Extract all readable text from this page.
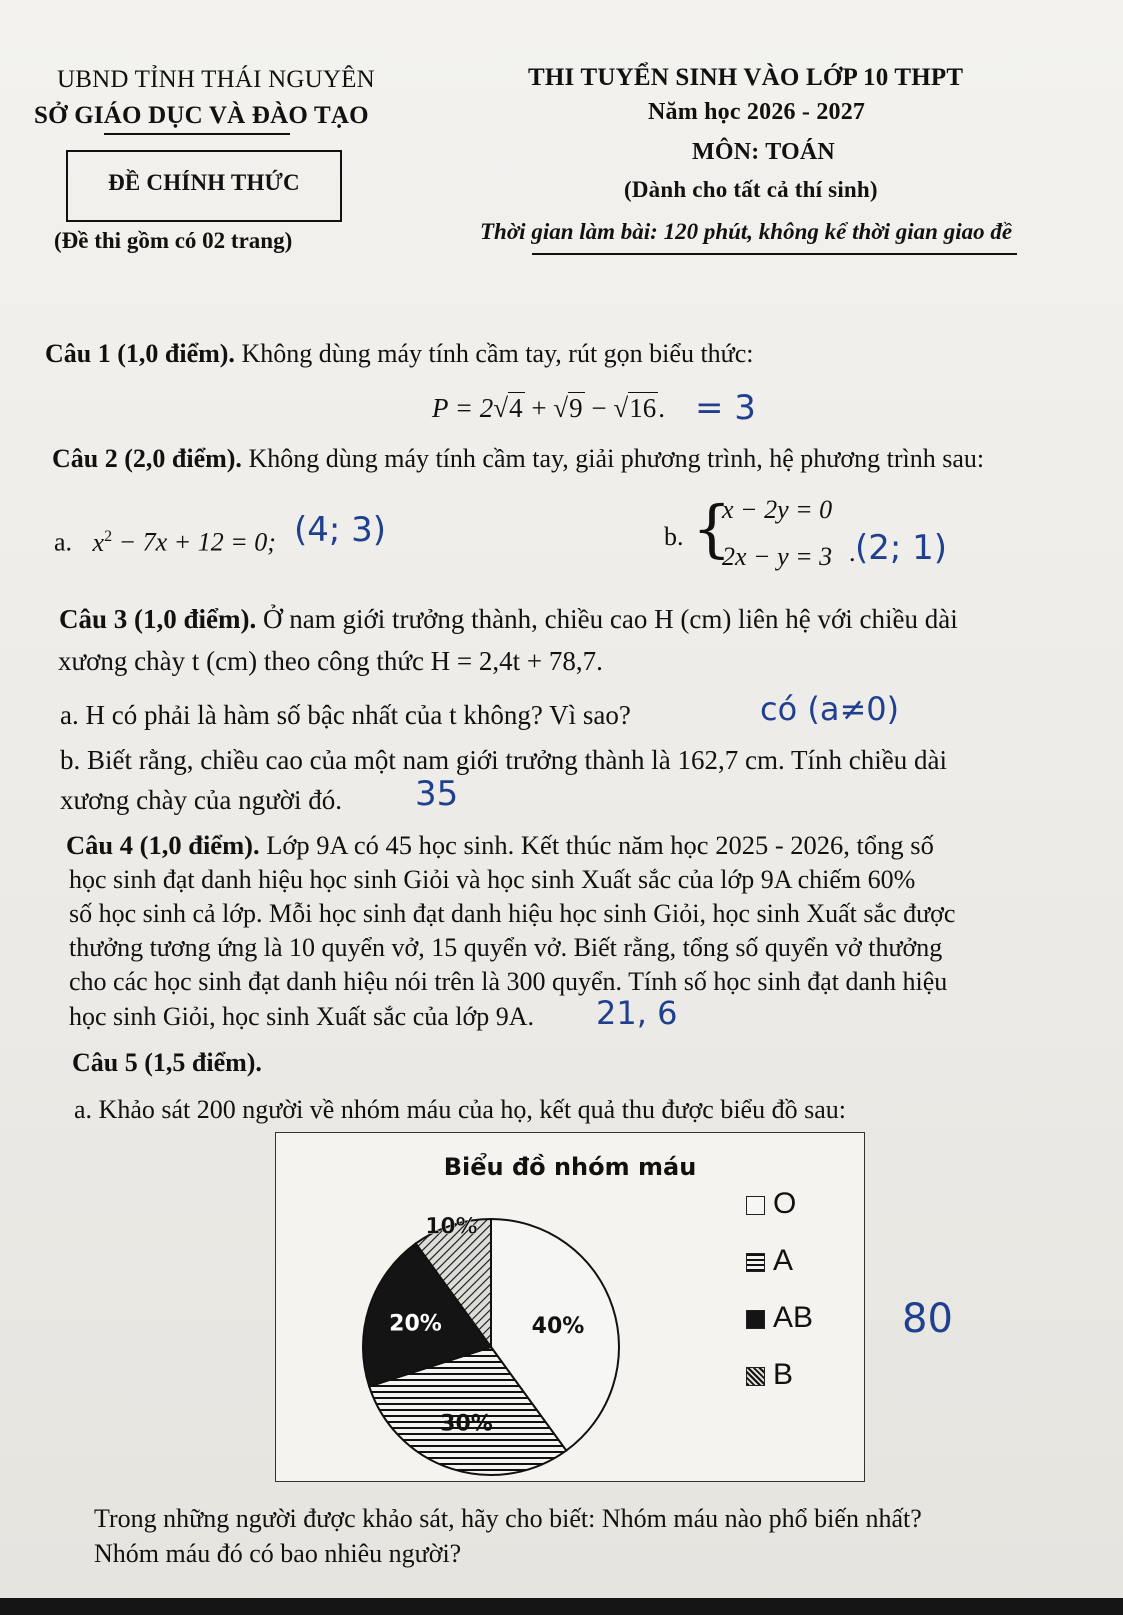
UBND TỈNH THÁI NGUYÊN
SỞ GIÁO DỤC VÀ ĐÀO TẠO
ĐỀ CHÍNH THỨC
(Đề thi gồm có 02 trang)
THI TUYỂN SINH VÀO LỚP 10 THPT
Năm học 2026 - 2027
MÔN: TOÁN
(Dành cho tất cả thí sinh)
Thời gian làm bài: 120 phút, không kể thời gian giao đề
Câu 1 (1,0 điểm). Không dùng máy tính cầm tay, rút gọn biểu thức:
P = 2√4 + √9 − √16. = 3
Câu 2 (2,0 điểm). Không dùng máy tính cầm tay, giải phương trình, hệ phương trình sau:
a. $x^2 - 7x + 12 = 0$; (4; 3)	b. {
x − 2y = 0
2x − y = 3 . (2; 1)
Câu 3 (1,0 điểm). Ở nam giới trưởng thành, chiều cao H (cm) liên hệ với chiều dài
xương chày t (cm) theo công thức H = 2,4t + 78,7.
a. H có phải là hàm số bậc nhất của t không? Vì sao?	có (a≠0)
b. Biết rằng, chiều cao của một nam giới trưởng thành là 162,7 cm. Tính chiều dài
xương chày của người đó. 35
Câu 4 (1,0 điểm). Lớp 9A có 45 học sinh. Kết thúc năm học 2025 - 2026, tổng số
học sinh đạt danh hiệu học sinh Giỏi và học sinh Xuất sắc của lớp 9A chiếm 60%
số học sinh cả lớp. Mỗi học sinh đạt danh hiệu học sinh Giỏi, học sinh Xuất sắc được
thưởng tương ứng là 10 quyển vở, 15 quyển vở. Biết rằng, tổng số quyển vở thưởng
cho các học sinh đạt danh hiệu nói trên là 300 quyển. Tính số học sinh đạt danh hiệu
học sinh Giỏi, học sinh Xuất sắc của lớp 9A. 21, 6
Câu 5 (1,5 điểm).
a. Khảo sát 200 người về nhóm máu của họ, kết quả thu được biểu đồ sau:
80
Biểu đồ nhóm máu
40%
30%
20%
10%
O
A
AB
B
Trong những người được khảo sát, hãy cho biết: Nhóm máu nào phổ biến nhất?
Nhóm máu đó có bao nhiêu người?
